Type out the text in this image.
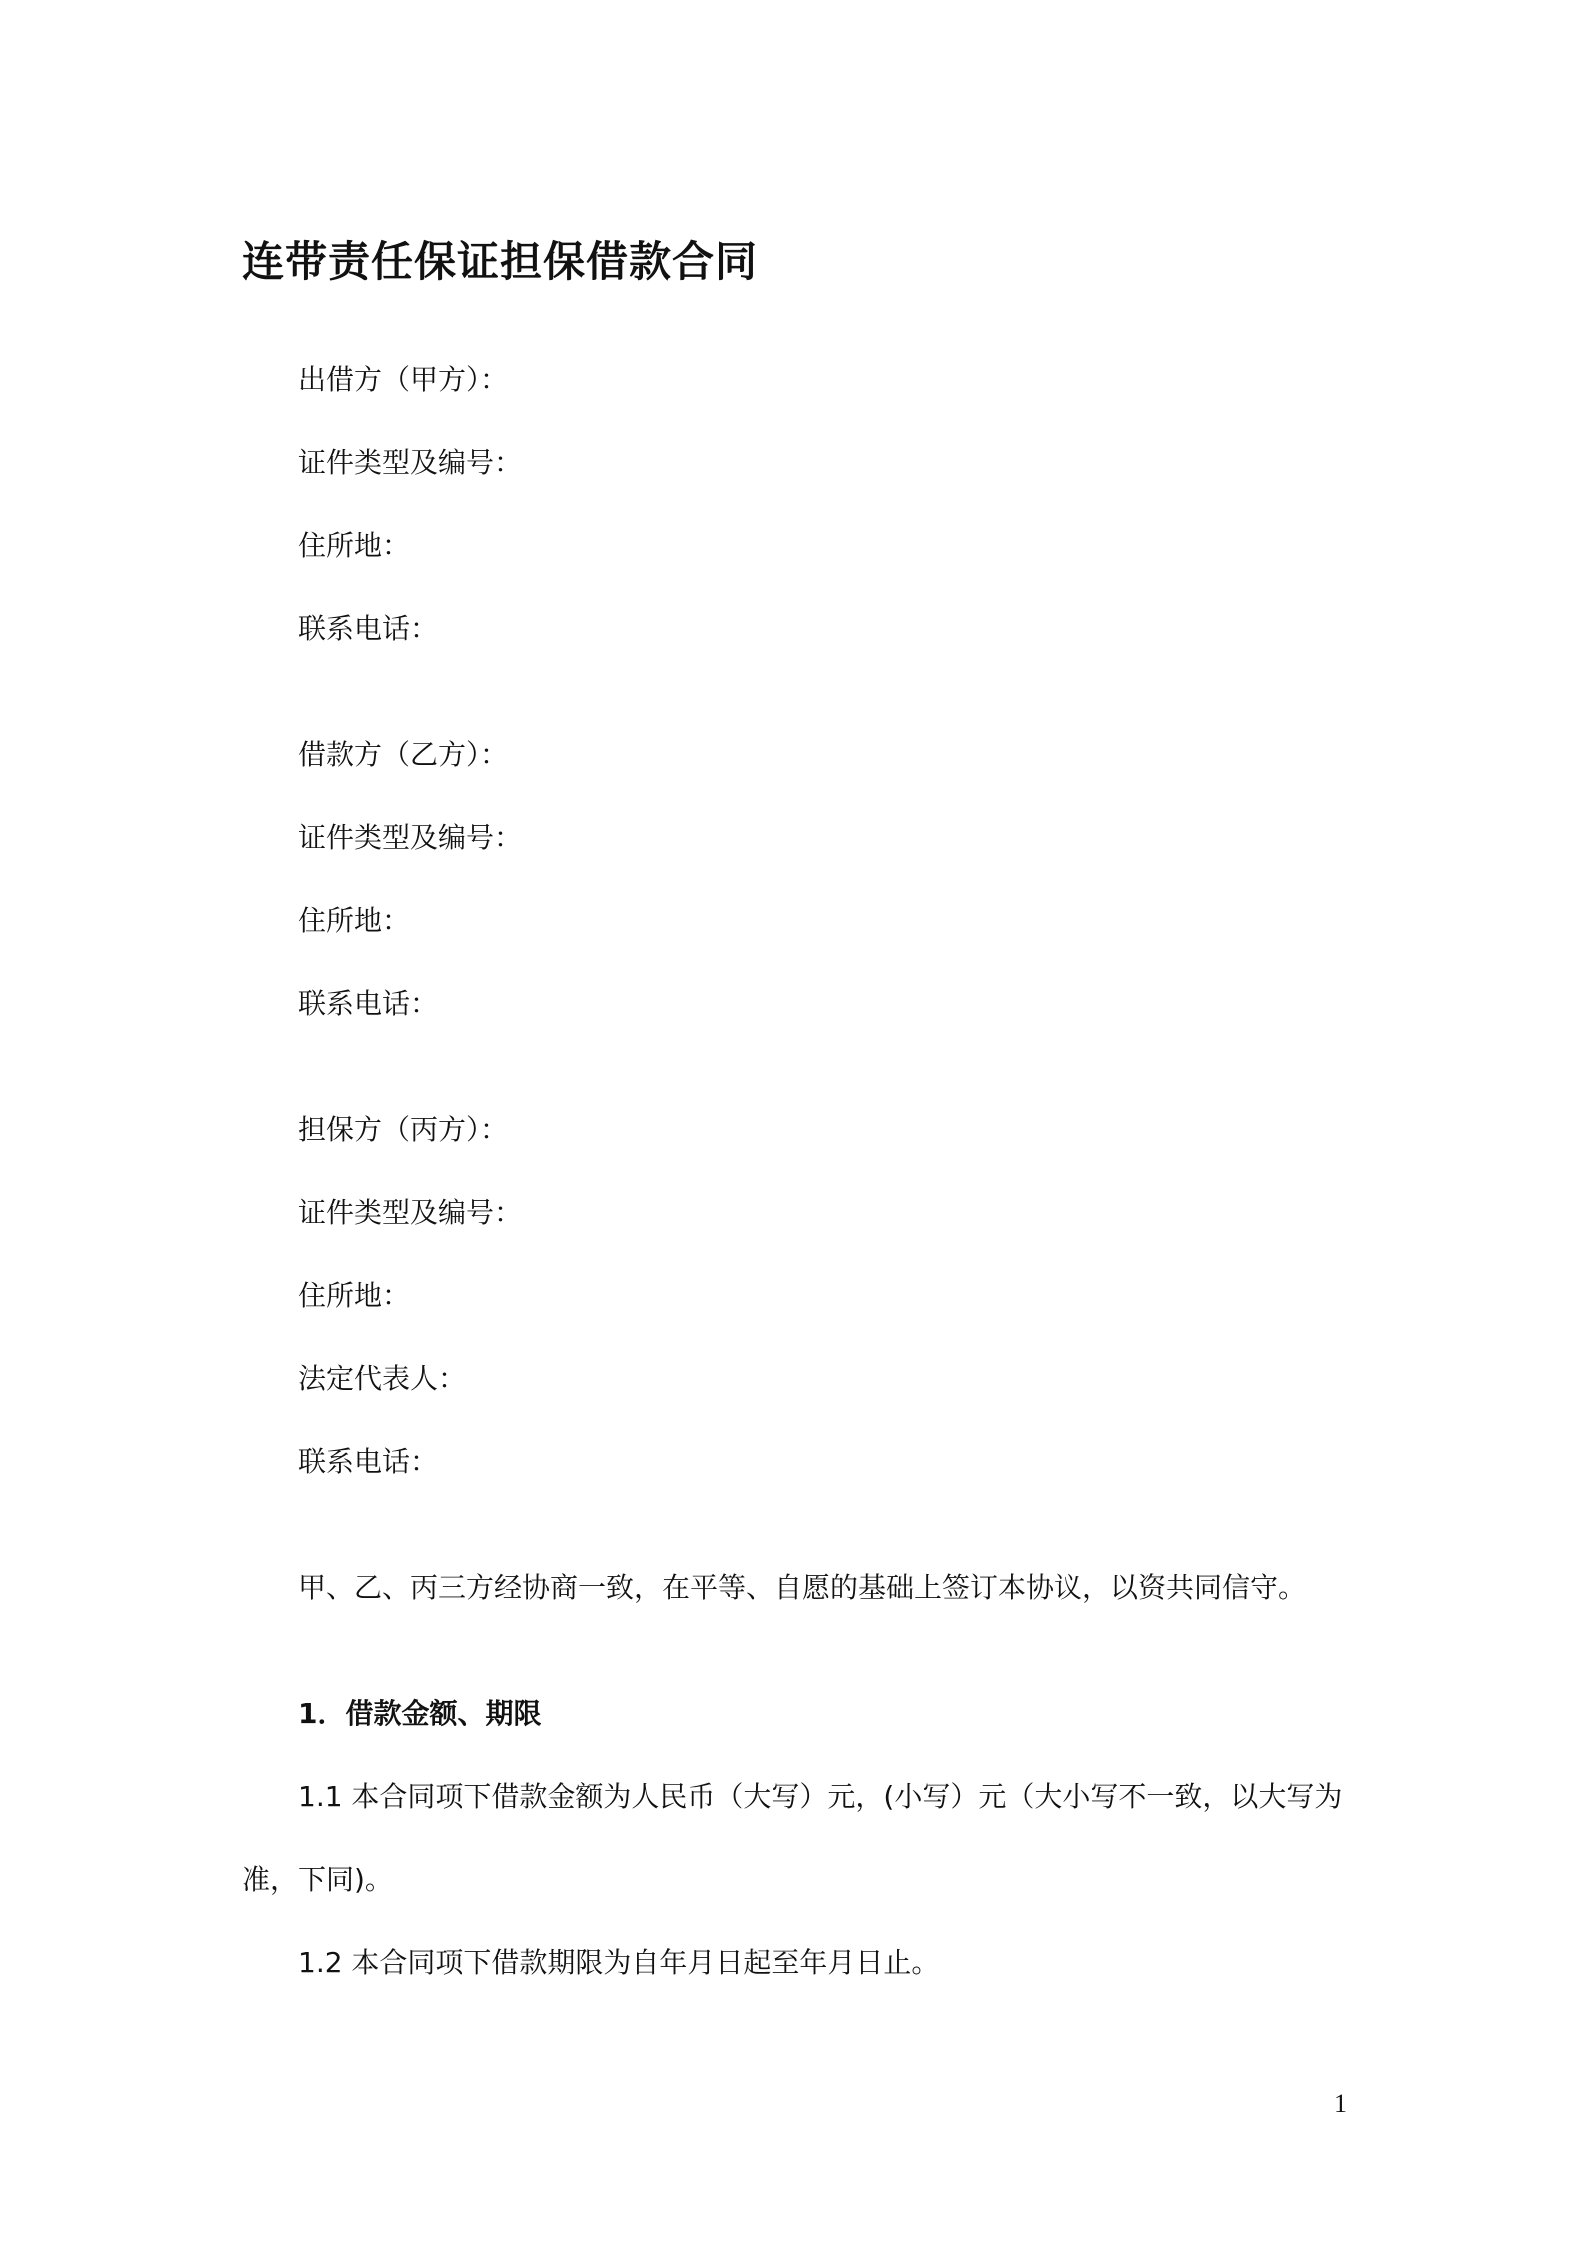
连带责任保证担保借款合同
出借方（甲方）：
证件类型及编号：
住所地：
联系电话：
借款方（乙方）：
证件类型及编号：
住所地：
联系电话：
担保方（丙方）：
证件类型及编号：
住所地：
法定代表人：
联系电话：
甲、乙、丙三方经协商一致，在平等、自愿的基础上签订本协议，以资共同信守。
1．借款金额、期限
1.1 本合同项下借款金额为人民币（大写）元，(小写）元（大小写不一致，以大写为
准，下同)。
1.2 本合同项下借款期限为自年月日起至年月日止。
1
